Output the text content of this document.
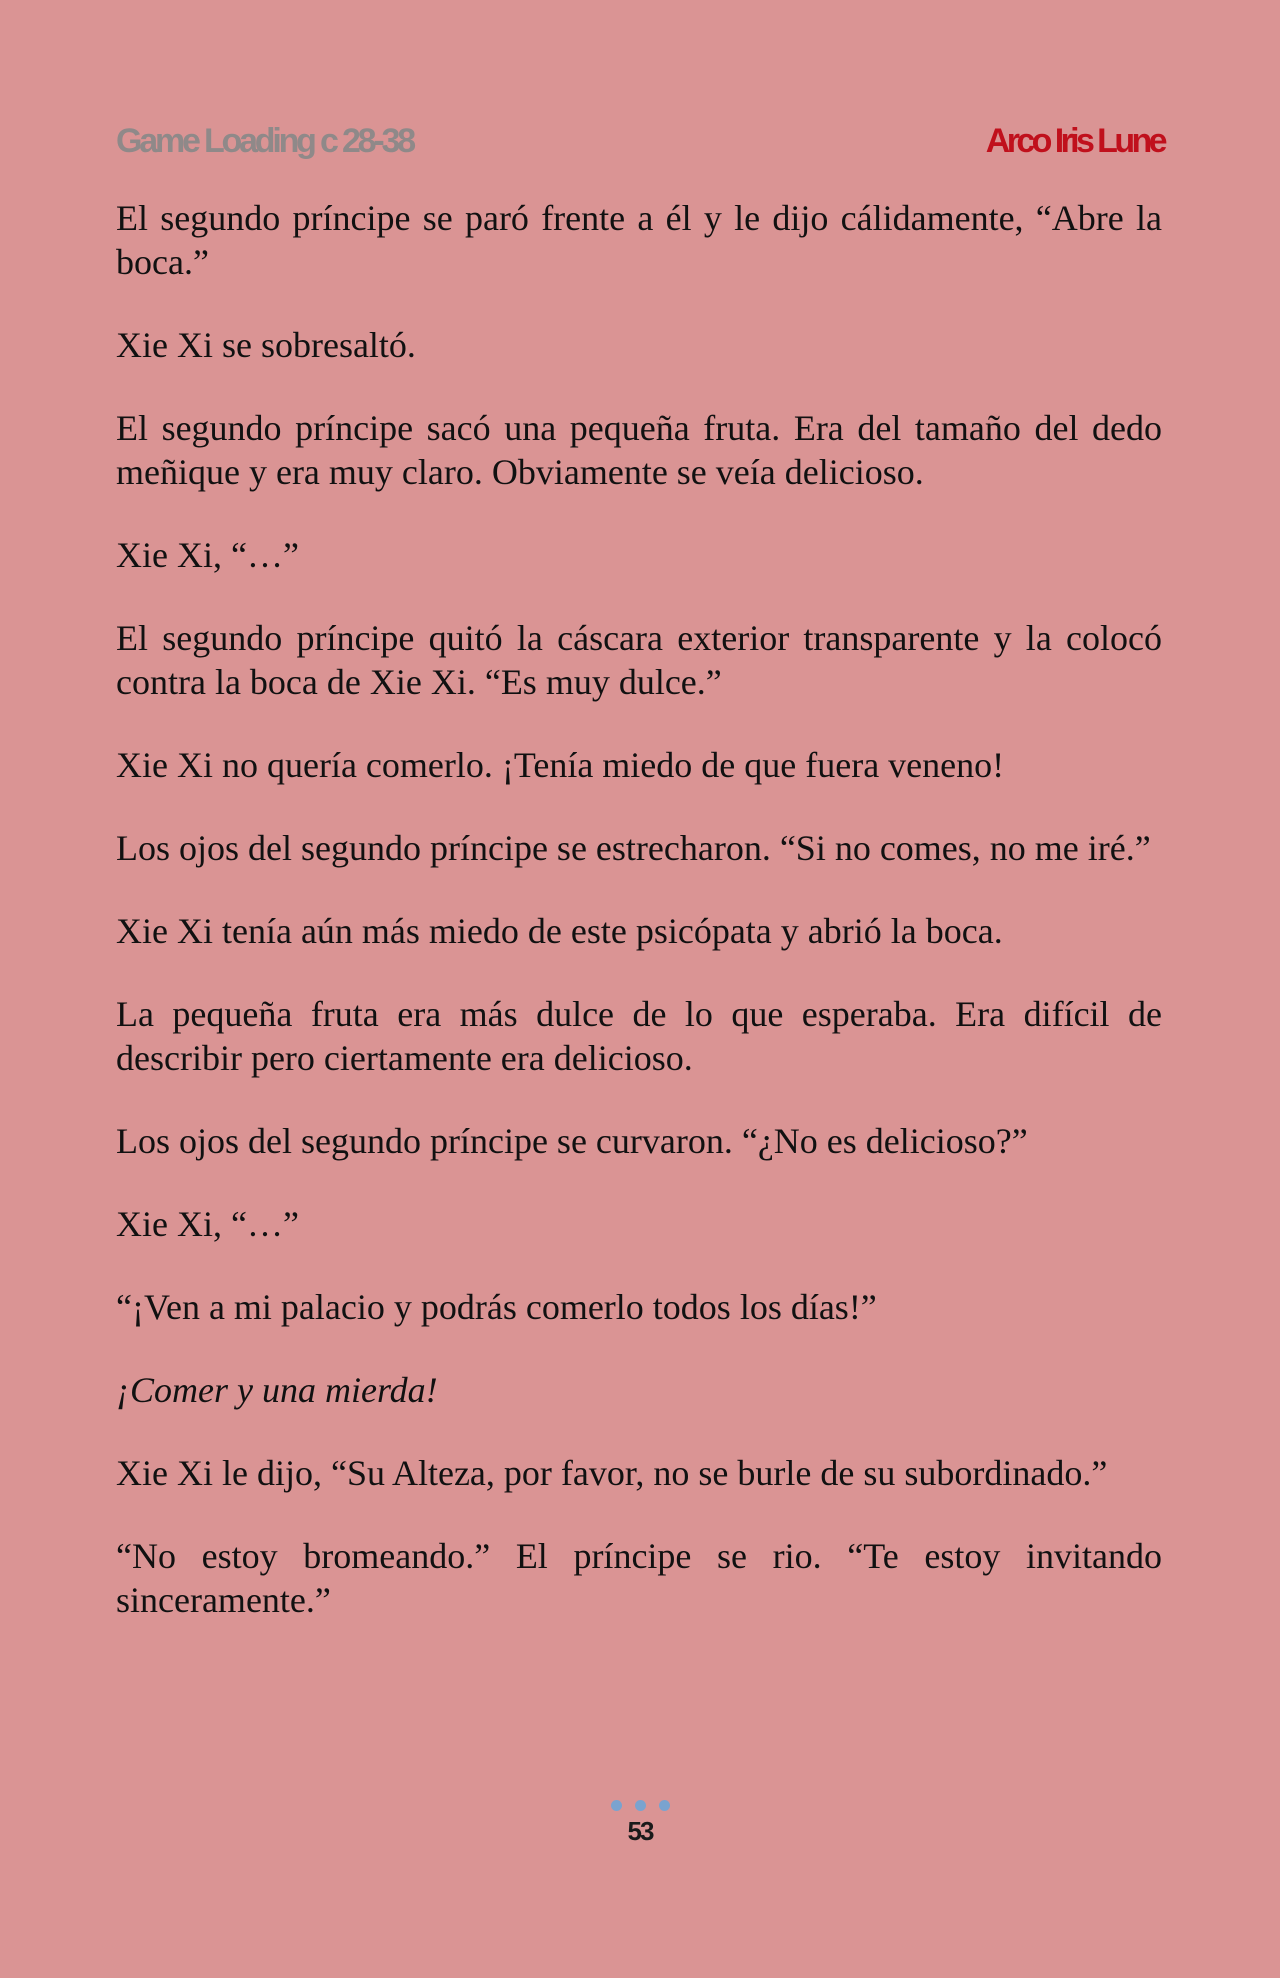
Game Loading c 28-38	Arco Iris Lune

El segundo príncipe se paró frente a él y le dijo cálidamente, “Abre la boca.”

Xie Xi se sobresaltó.

El segundo príncipe sacó una pequeña fruta. Era del tamaño del dedo meñique y era muy claro. Obviamente se veía delicioso.

Xie Xi, “…”

El segundo príncipe quitó la cáscara exterior transparente y la colocó contra la boca de Xie Xi. “Es muy dulce.”

Xie Xi no quería comerlo. ¡Tenía miedo de que fuera veneno!

Los ojos del segundo príncipe se estrecharon. “Si no comes, no me iré.”

Xie Xi tenía aún más miedo de este psicópata y abrió la boca.

La pequeña fruta era más dulce de lo que esperaba. Era difícil de describir pero ciertamente era delicioso.

Los ojos del segundo príncipe se curvaron. “¿No es delicioso?”

Xie Xi, “…”

“¡Ven a mi palacio y podrás comerlo todos los días!”

¡Comer y una mierda!

Xie Xi le dijo, “Su Alteza, por favor, no se burle de su subordinado.”

“No estoy bromeando.” El príncipe se rio. “Te estoy invitando sinceramente.”

53
